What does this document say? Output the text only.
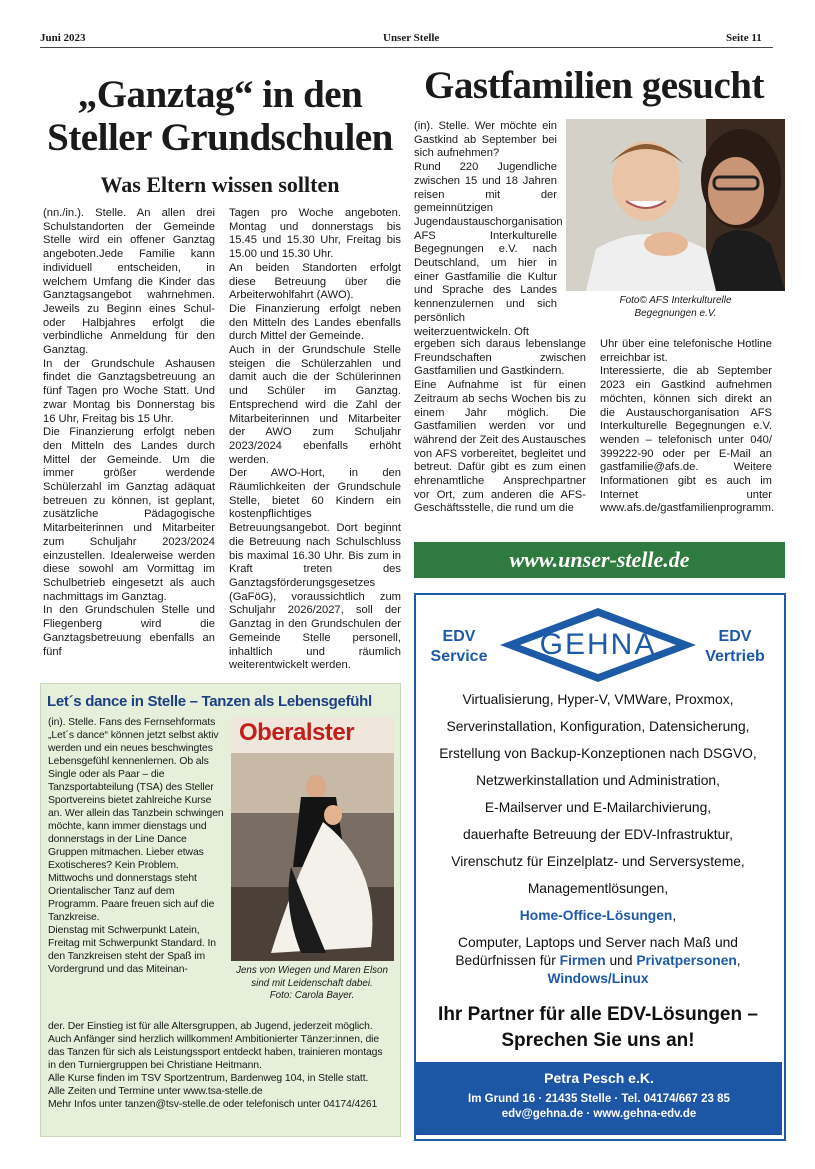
Juni 2023	Unser Stelle	Seite 11
„Ganztag“ in den
Steller Grundschulen
Was Eltern wissen sollten

(nn./in.). Stelle. An allen drei Schulstandorten der Gemeinde Stelle wird ein offener Ganztag angeboten.Jede Familie kann individuell entscheiden, in welchem Umfang die Kinder das Ganztagsangebot wahrnehmen. Jeweils zu Beginn eines Schul- oder Halbjahres erfolgt die verbindliche Anmeldung für den Ganztag.
In der Grundschule Ashausen findet die Ganztagsbetreuung an fünf Tagen pro Woche Statt. Und zwar Montag bis Donnerstag bis 16 Uhr, Freitag bis 15 Uhr.
Die Finanzierung erfolgt neben den Mitteln des Landes durch Mittel der Gemeinde. Um die immer größer werdende Schülerzahl im Ganztag adäquat betreuen zu können, ist geplant, zusätzliche Pädagogische Mitarbeiterinnen und Mitarbeiter zum Schuljahr 2023/2024 einzustellen. Idealerweise werden diese sowohl am Vormittag im Schulbetrieb eingesetzt als auch nachmittags im Ganztag.
In den Grundschulen Stelle und Fliegenberg wird die Ganztagsbetreuung ebenfalls an fünf

Tagen pro Woche angeboten. Montag und donnerstags bis 15.45 und 15.30 Uhr, Freitag bis 15.00 und 15.30 Uhr.
An beiden Standorten erfolgt diese Betreuung über die Arbeiterwohlfahrt (AWO).
Die Finanzierung erfolgt neben den Mitteln des Landes ebenfalls durch Mittel der Gemeinde.
Auch in der Grundschule Stelle steigen die Schülerzahlen und damit auch die der Schülerinnen und Schüler im Ganztag. Entsprechend wird die Zahl der Mitarbeiterinnen und Mitarbeiter der AWO zum Schuljahr 2023/2024 ebenfalls erhöht werden.
Der AWO-Hort, in den Räumlichkeiten der Grundschule Stelle, bietet 60 Kindern ein kostenpflichtiges Betreuungsangebot. Dort beginnt die Betreuung nach Schulschluss bis maximal 16.30 Uhr. Bis zum in Kraft treten des Ganztagsförderungsgesetzes (GaFöG), voraussichtlich zum Schuljahr 2026/2027, soll der Ganztag in den Grundschulen der Gemeinde Stelle personell, inhaltlich und räumlich weiterentwickelt werden.

Gastfamilien gesucht

(in). Stelle. Wer möchte ein Gastkind ab September bei sich aufnehmen?
Rund 220 Jugendliche zwischen 15 und 18 Jahren reisen mit der gemeinnützigen Jugendaustauschorganisation AFS Interkulturelle Begegnungen e.V. nach Deutschland, um hier in einer Gastfamilie die Kultur und Sprache des Landes kennenzulernen und sich persönlich weiterzuentwickeln. Oft

Foto© AFS Interkulturelle
Begegnungen e.V.

ergeben sich daraus lebenslange Freundschaften zwischen Gastfamilien und Gastkindern.
Eine Aufnahme ist für einen Zeitraum ab sechs Wochen bis zu einem Jahr möglich. Die Gastfamilien werden vor und während der Zeit des Austausches von AFS vorbereitet, begleitet und betreut. Dafür gibt es zum einen ehrenamtliche Ansprechpartner vor Ort, zum anderen die AFS-Geschäftsstelle, die rund um die

Uhr über eine telefonische Hotline erreichbar ist.
Interessierte, die ab September 2023 ein Gastkind aufnehmen möchten, können sich direkt an die Austauschorganisation AFS Interkulturelle Begegnungen e.V. wenden – telefonisch unter 040/ 399222-90 oder per E-Mail an gastfamilie@afs.de. Weitere Informationen gibt es auch im Internet unter www.afs.de/gastfamilienprogramm.

www.unser-stelle.de
Let´s dance in Stelle – Tanzen als Lebensgefühl

(in). Stelle. Fans des Fernsehformats „Let´s dance“ können jetzt selbst aktiv werden und ein neues beschwingtes Lebensgefühl kennenlernen. Ob als Single oder als Paar – die Tanzsportabteilung (TSA) des Steller Sportvereins bietet zahlreiche Kurse an. Wer allein das Tanzbein schwingen möchte, kann immer dienstags und donnerstags in der Line Dance Gruppen mitmachen. Lieber etwas Exotischeres? Kein Problem. Mittwochs und donnerstags steht Orientalischer Tanz auf dem Programm. Paare freuen sich auf die Tanzkreise.
Dienstag mit Schwerpunkt Latein, Freitag mit Schwerpunkt Standard. In den Tanzkreisen steht der Spaß im Vordergrund und das Miteinan-

Oberalster
Jens von Wiegen und Maren Elson
sind mit Leidenschaft dabei.
Foto: Carola Bayer.

der. Der Einstieg ist für alle Altersgruppen, ab Jugend, jederzeit möglich. Auch Anfänger sind herzlich willkommen! Ambitionierter Tänzer:innen, die das Tanzen für sich als Leistungssport entdeckt haben, trainieren montags in den Turniergruppen bei Christiane Heitmann.
Alle Kurse finden im TSV Sportzentrum, Bardenweg 104, in Stelle statt.
Alle Zeiten und Termine unter www.tsa-stelle.de
Mehr Infos unter tanzen@tsv-stelle.de oder telefonisch unter 04174/4261

EDV
Service
EDV
Vertrieb
GEHNA
Virtualisierung, Hyper-V, VMWare, Proxmox,
Serverinstallation, Konfiguration, Datensicherung,
Erstellung von Backup-Konzeptionen nach DSGVO,
Netzwerkinstallation und Administration,
E-Mailserver und E-Mailarchivierung,
dauerhafte Betreuung der EDV-Infrastruktur,
Virenschutz für Einzelplatz- und Serversysteme,
Managementlösungen,
Home-Office-Lösungen,
Computer, Laptops und Server nach Maß und
Bedürfnissen für Firmen und Privatpersonen,
Windows/Linux
Ihr Partner für alle EDV-Lösungen –
Sprechen Sie uns an!
Petra Pesch e.K.
Im Grund 16 · 21435 Stelle · Tel. 04174/667 23 85
edv@gehna.de · www.gehna-edv.de
